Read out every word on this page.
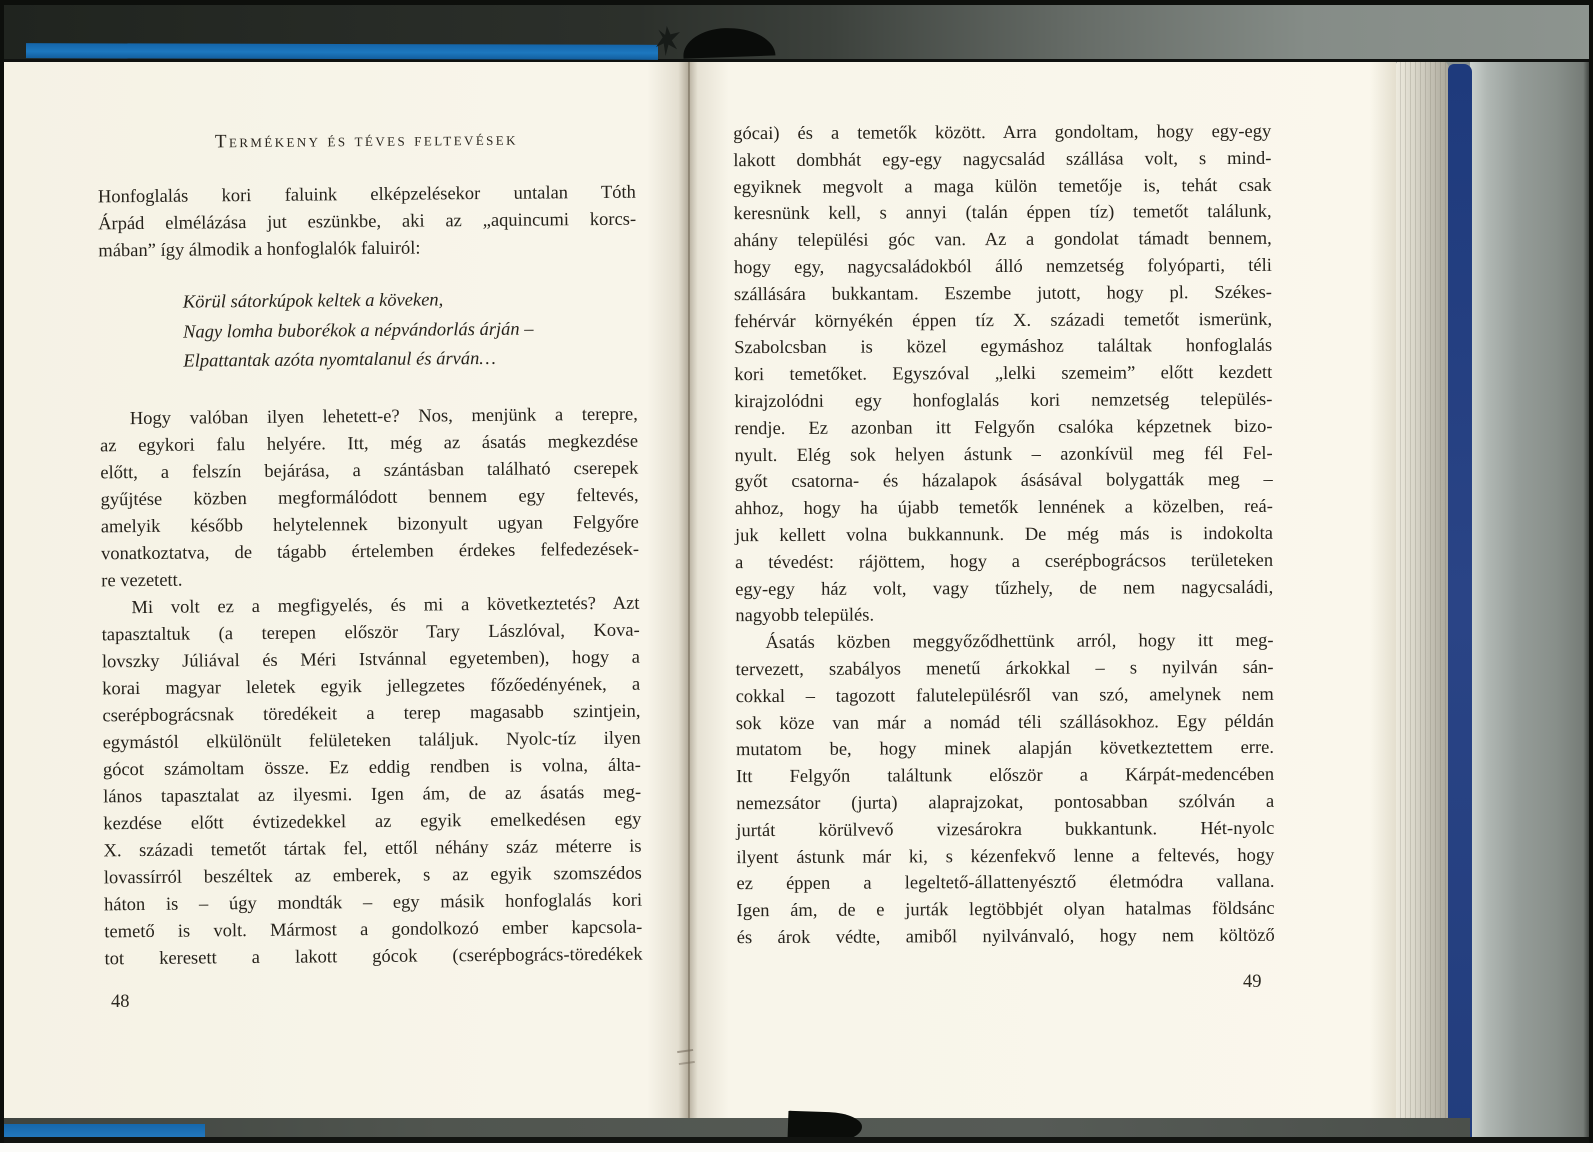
Termékeny és téves feltevések
Honfoglalás kori faluink elképzelésekor untalan Tóth
Árpád elmélázása jut eszünkbe, aki az „aquincumi korcs-
mában” így álmodik a honfoglalók faluiról:
Körül sátorkúpok keltek a köveken,
Nagy lomha buborékok a népvándorlás árján –
Elpattantak azóta nyomtalanul és árván…
Hogy valóban ilyen lehetett-e? Nos, menjünk a terepre,
az egykori falu helyére. Itt, még az ásatás megkezdése
előtt, a felszín bejárása, a szántásban található cserepek
gyűjtése közben megformálódott bennem egy feltevés,
amelyik később helytelennek bizonyult ugyan Felgyőre
vonatkoztatva, de tágabb értelemben érdekes felfedezések-
re vezetett.
Mi volt ez a megfigyelés, és mi a következtetés? Azt
tapasztaltuk (a terepen először Tary Lászlóval, Kova-
lovszky Júliával és Méri Istvánnal egyetemben), hogy a
korai magyar leletek egyik jellegzetes főzőedényének, a
cserépbográcsnak töredékeit a terep magasabb szintjein,
egymástól elkülönült felületeken találjuk. Nyolc-tíz ilyen
gócot számoltam össze. Ez eddig rendben is volna, álta-
lános tapasztalat az ilyesmi. Igen ám, de az ásatás meg-
kezdése előtt évtizedekkel az egyik emelkedésen egy
X. századi temetőt tártak fel, ettől néhány száz méterre is
lovassírról beszéltek az emberek, s az egyik szomszédos
háton is – úgy mondták – egy másik honfoglalás kori
temető is volt. Mármost a gondolkozó ember kapcsola-
tot keresett a lakott gócok (cserépbogrács-töredékek
gócai) és a temetők között. Arra gondoltam, hogy egy-egy
lakott dombhát egy-egy nagycsalád szállása volt, s mind-
egyiknek megvolt a maga külön temetője is, tehát csak
keresnünk kell, s annyi (talán éppen tíz) temetőt találunk,
ahány települési góc van. Az a gondolat támadt bennem,
hogy egy, nagycsaládokból álló nemzetség folyóparti, téli
szállására bukkantam. Eszembe jutott, hogy pl. Székes-
fehérvár környékén éppen tíz X. századi temetőt ismerünk,
Szabolcsban is közel egymáshoz találtak honfoglalás
kori temetőket. Egyszóval „lelki szemeim” előtt kezdett
kirajzolódni egy honfoglalás kori nemzetség település-
rendje. Ez azonban itt Felgyőn csalóka képzetnek bizo-
nyult. Elég sok helyen ástunk – azonkívül meg fél Fel-
győt csatorna- és házalapok ásásával bolygatták meg –
ahhoz, hogy ha újabb temetők lennének a közelben, reá-
juk kellett volna bukkannunk. De még más is indokolta
a tévedést: rájöttem, hogy a cserépbográcsos területeken
egy-egy ház volt, vagy tűzhely, de nem nagycsaládi,
nagyobb település.
Ásatás közben meggyőződhettünk arról, hogy itt meg-
tervezett, szabályos menetű árkokkal – s nyilván sán-
cokkal – tagozott falutelepülésről van szó, amelynek nem
sok köze van már a nomád téli szállásokhoz. Egy példán
mutatom be, hogy minek alapján következtettem erre.
Itt Felgyőn találtunk először a Kárpát-medencében
nemezsátor (jurta) alaprajzokat, pontosabban szólván a
jurtát körülvevő vizesárokra bukkantunk. Hét-nyolc
ilyent ástunk már ki, s kézenfekvő lenne a feltevés, hogy
ez éppen a legeltető-állattenyésztő életmódra vallana.
Igen ám, de e jurták legtöbbjét olyan hatalmas földsánc
és árok védte, amiből nyilvánvaló, hogy nem költöző
48
49
